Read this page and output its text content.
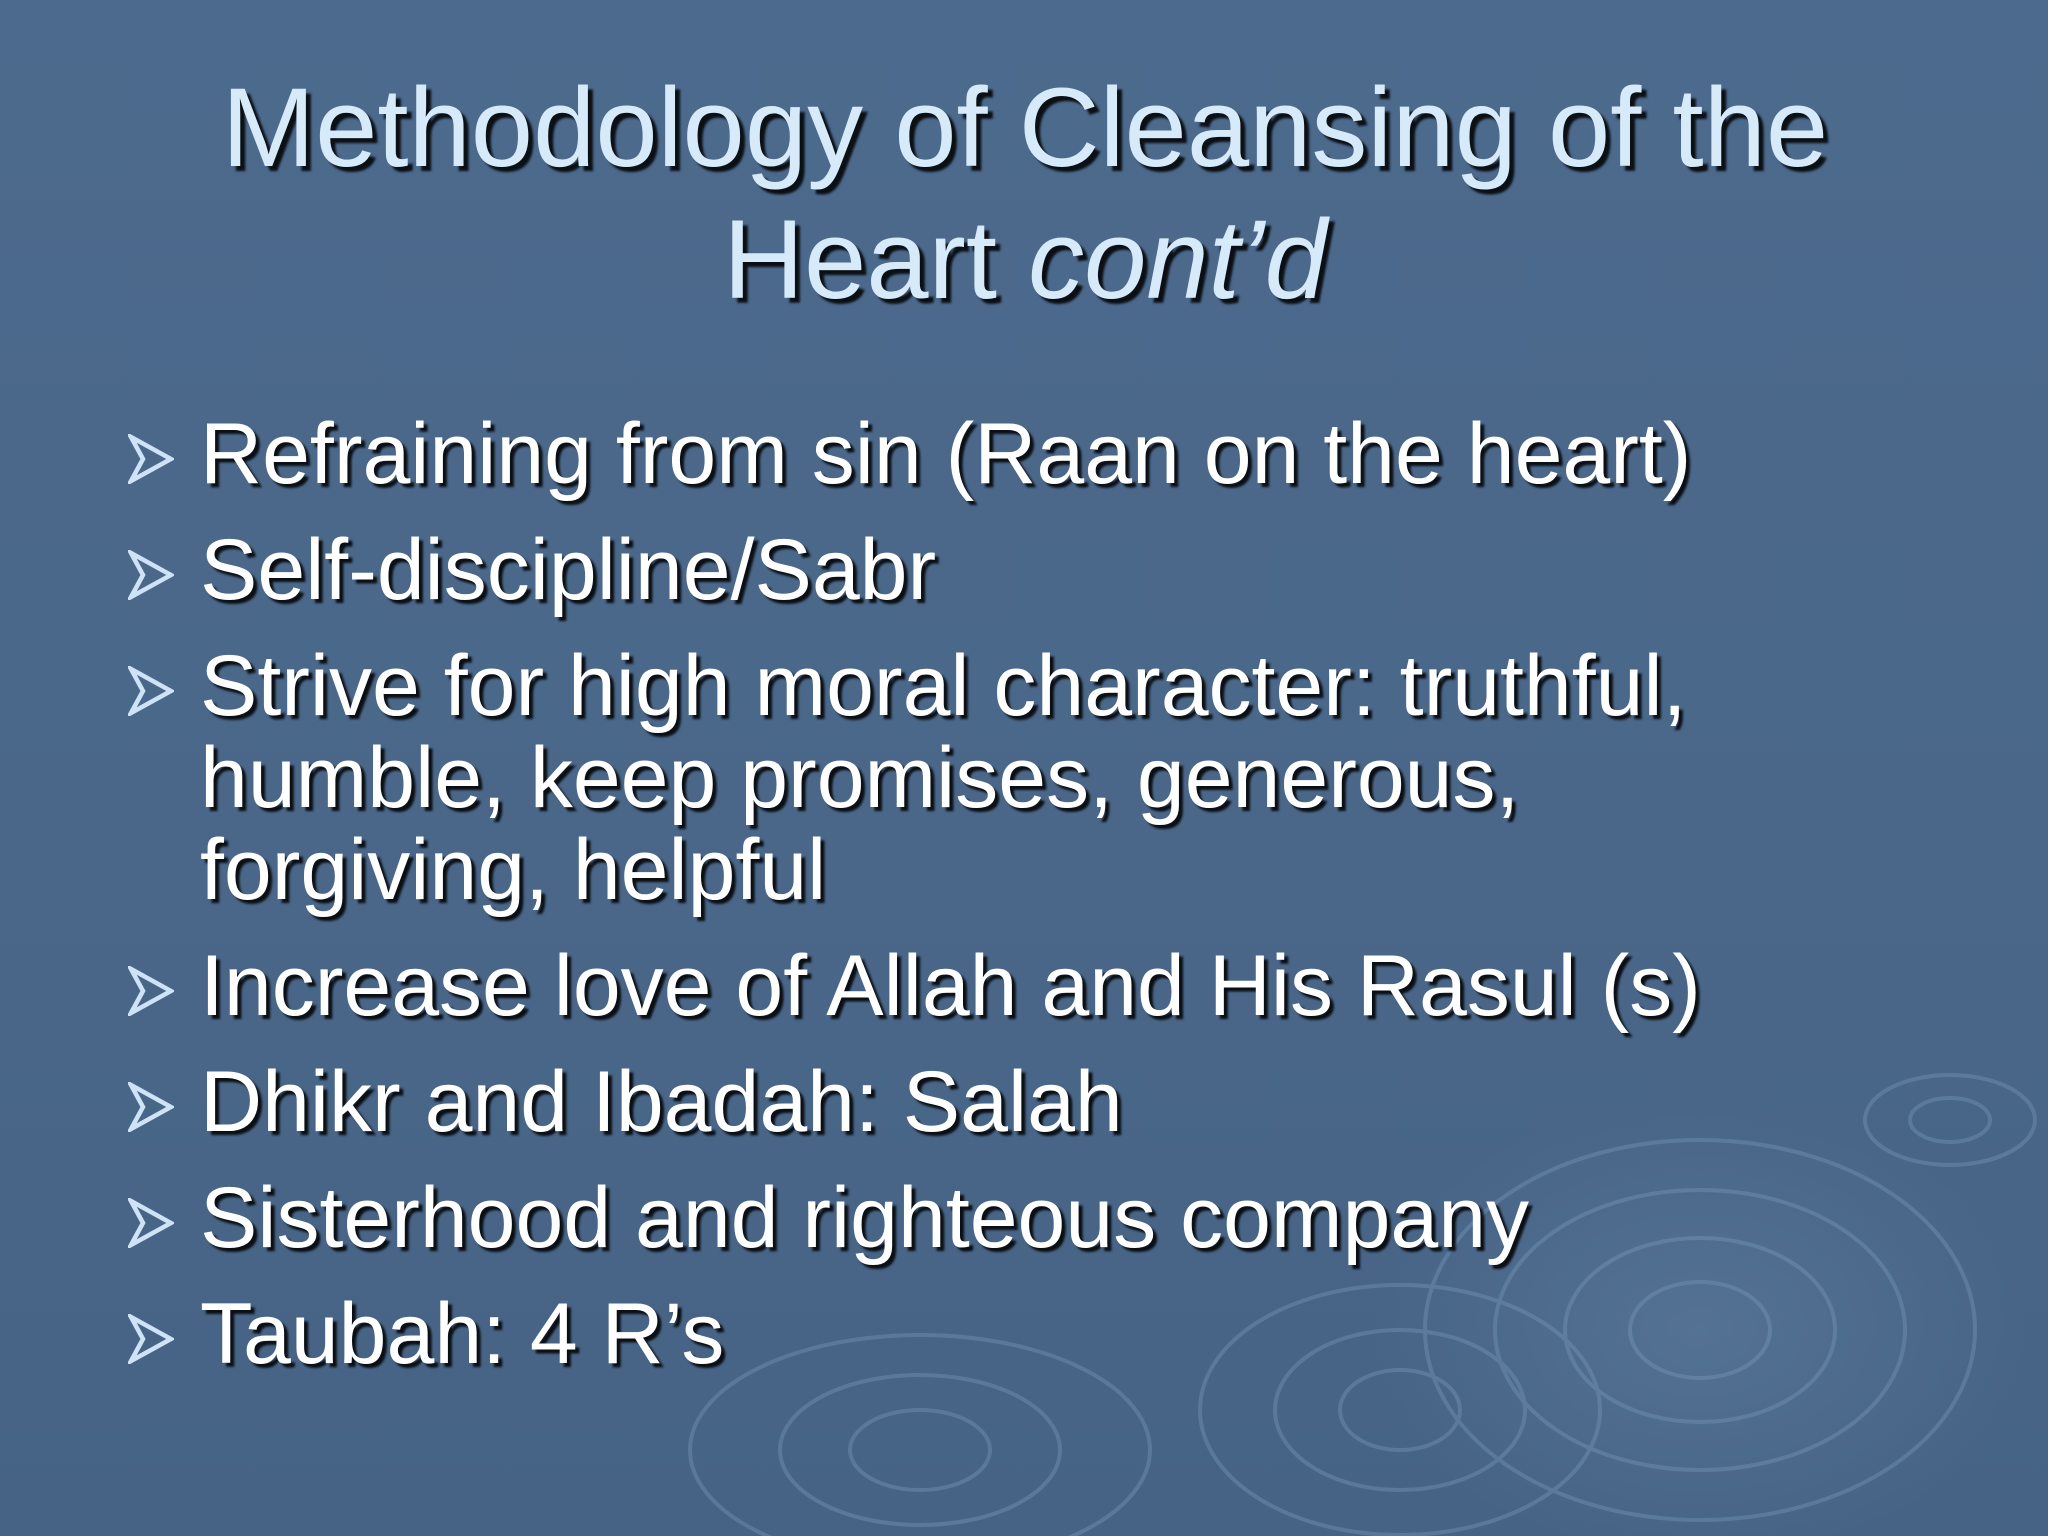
Methodology of Cleansing of the Heart cont’d
Refraining from sin (Raan on the heart)
Self-discipline/Sabr
Strive for high moral character: truthful, humble, keep promises, generous, forgiving, helpful
Increase love of Allah and His Rasul (s)
Dhikr and Ibadah: Salah
Sisterhood and righteous company
Taubah: 4 R’s
